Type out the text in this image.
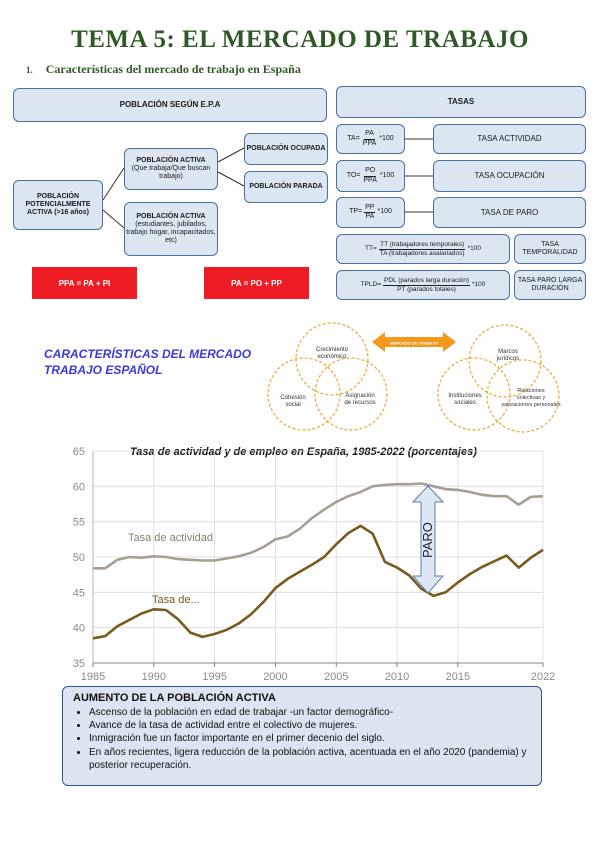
TEMA 5: EL MERCADO DE TRABAJO
1. Características del mercado de trabajo en España
POBLACIÓN SEGÚN E.P.A
POBLACIÓN POTENCIALMENTE ACTIVA (>16 años)
POBLACIÓN ACTIVA
(Que trabaja/Que buscan trabajo)
POBLACIÓN ACTIVA
(estudiantes, jubilados, trabajo hogar, incapacitados, etc)
POBLACIÓN OCUPADA
POBLACIÓN PARADA
PPA = PA + PI	PA = PO + PP
TASAS
$TA= \frac{PA}{\text{PPA}} *100$	TASA ACTIVIDAD
$TO= \frac{PO}{\text{PPA}} *100$	TASA OCUPACIÓN
$TP= \frac{PP}{PA} *100$	TASA DE PARO
$TT= \frac{\text{TT (trabajadores temporales)}}{\text{TA (trabajadores asalariados)}} *100$
TASA TEMPORALIDAD
TPLD= $\frac{\text{PDL (parados larga duración)}}{\text{PT (parados totales)}} *100$
TASA PARO LARGA DURACIÓN
CARACTERÍSTICAS DEL MERCADO
TRABAJO ESPAÑOL
Crecimiento
económico
Cohesión
social
Asignación
de recursos
Marcos
jurídicos
Instituciones
sociales
Relaciones
colectivas y
valoraciones personales
MERCADO DE TRABAJO
Tasa de actividad y de empleo en España, 1985-2022 (porcentajes)
35
40
45
50
55
60
65
1985	1990	1995	2000	2005	2010	2015	2022
PARO
Tasa de actividad
Tasa de...
AUMENTO DE LA POBLACIÓN ACTIVA
• Ascenso de la población en edad de trabajar -un factor demográfico-
• Avance de la tasa de actividad entre el colectivo de mujeres.
• Inmigración fue un factor importante en el primer decenio del siglo.
• En años recientes, ligera reducción de la población activa, acentuada en el año 2020 (pandemia) y posterior recuperación.
